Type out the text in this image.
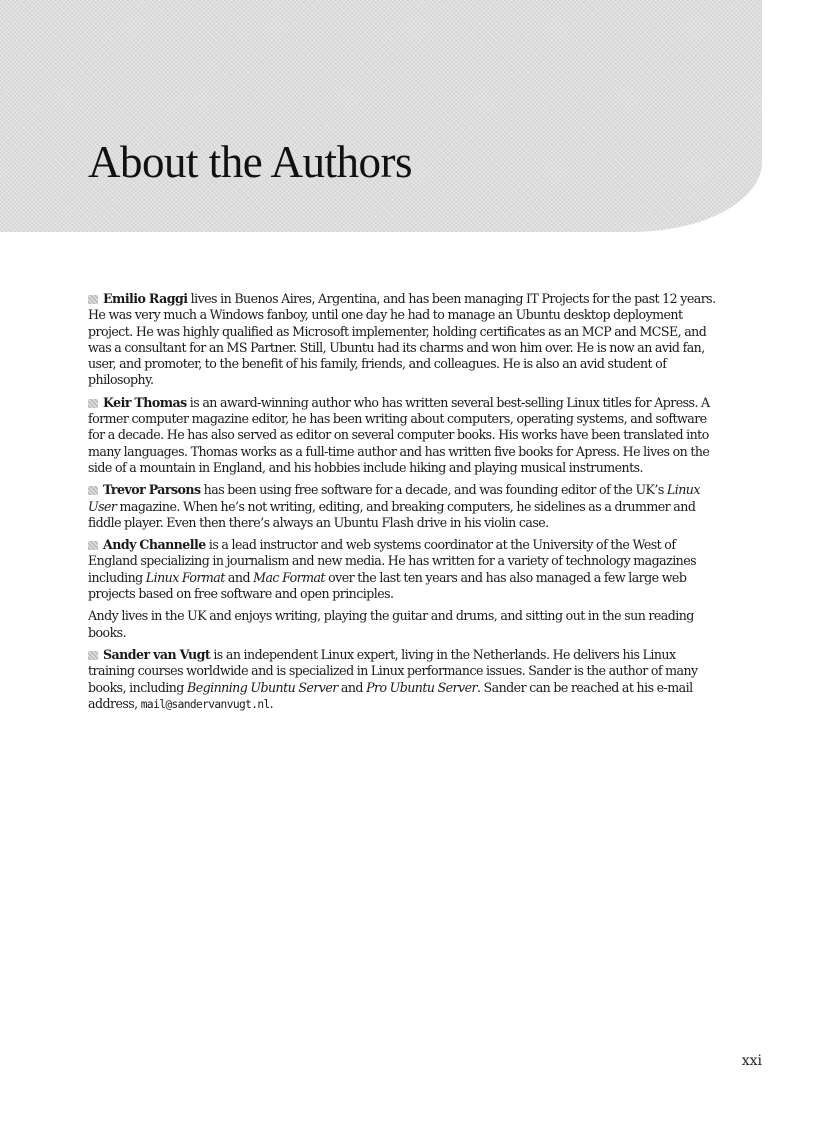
About the Authors

Emilio Raggi lives in Buenos Aires, Argentina, and has been managing IT Projects for the past 12 years. He was very much a Windows fanboy, until one day he had to manage an Ubuntu desktop deployment project. He was highly qualified as Microsoft implementer, holding certificates as an MCP and MCSE, and was a consultant for an MS Partner. Still, Ubuntu had its charms and won him over. He is now an avid fan, user, and promoter, to the benefit of his family, friends, and colleagues. He is also an avid student of philosophy.

Keir Thomas is an award-winning author who has written several best-selling Linux titles for Apress. A former computer magazine editor, he has been writing about computers, operating systems, and software for a decade. He has also served as editor on several computer books. His works have been translated into many languages. Thomas works as a full-time author and has written five books for Apress. He lives on the side of a mountain in England, and his hobbies include hiking and playing musical instruments.

Trevor Parsons has been using free software for a decade, and was founding editor of the UK’s Linux User magazine. When he’s not writing, editing, and breaking computers, he sidelines as a drummer and fiddle player. Even then there’s always an Ubuntu Flash drive in his violin case.

Andy Channelle is a lead instructor and web systems coordinator at the University of the West of England specializing in journalism and new media. He has written for a variety of technology magazines including Linux Format and Mac Format over the last ten years and has also managed a few large web projects based on free software and open principles.

Andy lives in the UK and enjoys writing, playing the guitar and drums, and sitting out in the sun reading books.

Sander van Vugt is an independent Linux expert, living in the Netherlands. He delivers his Linux training courses worldwide and is specialized in Linux performance issues. Sander is the author of many books, including Beginning Ubuntu Server and Pro Ubuntu Server. Sander can be reached at his e-mail address, mail@sandervanvugt.nl.

xxi
